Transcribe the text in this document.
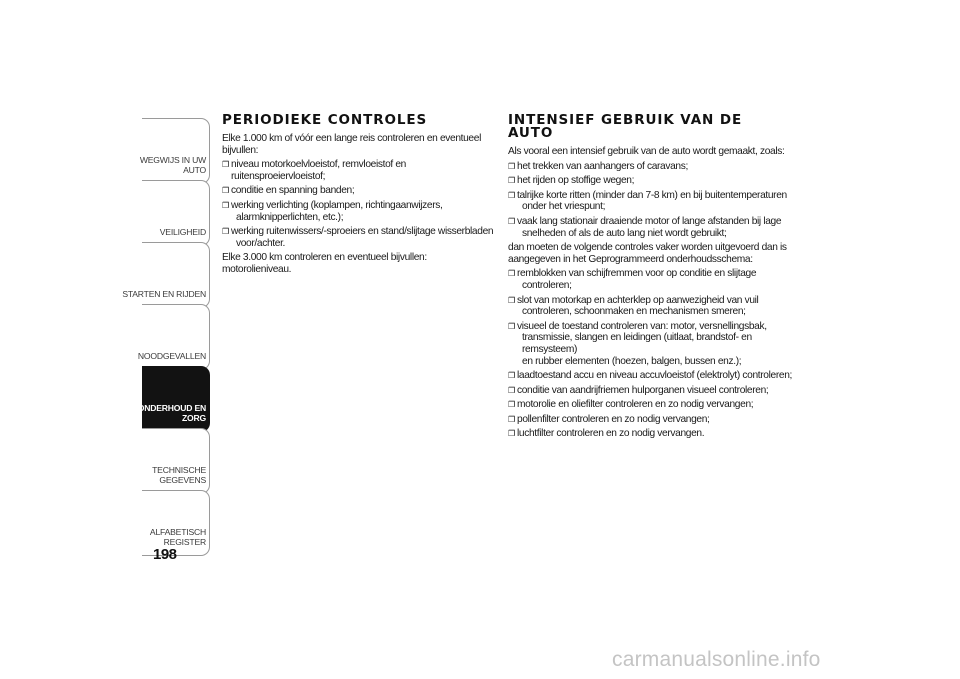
WEGWIJS IN UW
AUTO
VEILIGHEID
STARTEN EN RIJDEN
NOODGEVALLEN
ONDERHOUD EN
ZORG
TECHNISCHE
GEGEVENS
ALFABETISCH
REGISTER
198
PERIODIEKE CONTROLES
Elke 1.000 km of vóór een lange reis controleren en eventueel
bijvullen:
❒ niveau motorkoelvloeistof, remvloeistof en ruitensproeiervloeistof;
❒ conditie en spanning banden;
❒ werking verlichting (koplampen, richtingaanwijzers,
alarmknipperlichten, etc.);
❒ werking ruitenwissers/-sproeiers en stand/slijtage wisserbladen
voor/achter.
Elke 3.000 km controleren en eventueel bijvullen: motorolieniveau.
INTENSIEF GEBRUIK VAN DE
AUTO
Als vooral een intensief gebruik van de auto wordt gemaakt, zoals:
❒ het trekken van aanhangers of caravans;
❒ het rijden op stoffige wegen;
❒ talrijke korte ritten (minder dan 7-8 km) en bij buitentemperaturen
onder het vriespunt;
❒ vaak lang stationair draaiende motor of lange afstanden bij lage
snelheden of als de auto lang niet wordt gebruikt;
dan moeten de volgende controles vaker worden uitgevoerd dan is
aangegeven in het Geprogrammeerd onderhoudsschema:
❒ remblokken van schijfremmen voor op conditie en slijtage
controleren;
❒ slot van motorkap en achterklep op aanwezigheid van vuil
controleren, schoonmaken en mechanismen smeren;
❒ visueel de toestand controleren van: motor, versnellingsbak,
transmissie, slangen en leidingen (uitlaat, brandstof- en remsysteem)
en rubber elementen (hoezen, balgen, bussen enz.);
❒ laadtoestand accu en niveau accuvloeistof (elektrolyt) controleren;
❒ conditie van aandrijfriemen hulporganen visueel controleren;
❒ motorolie en oliefilter controleren en zo nodig vervangen;
❒ pollenfilter controleren en zo nodig vervangen;
❒ luchtfilter controleren en zo nodig vervangen.
carmanualsonline.info
